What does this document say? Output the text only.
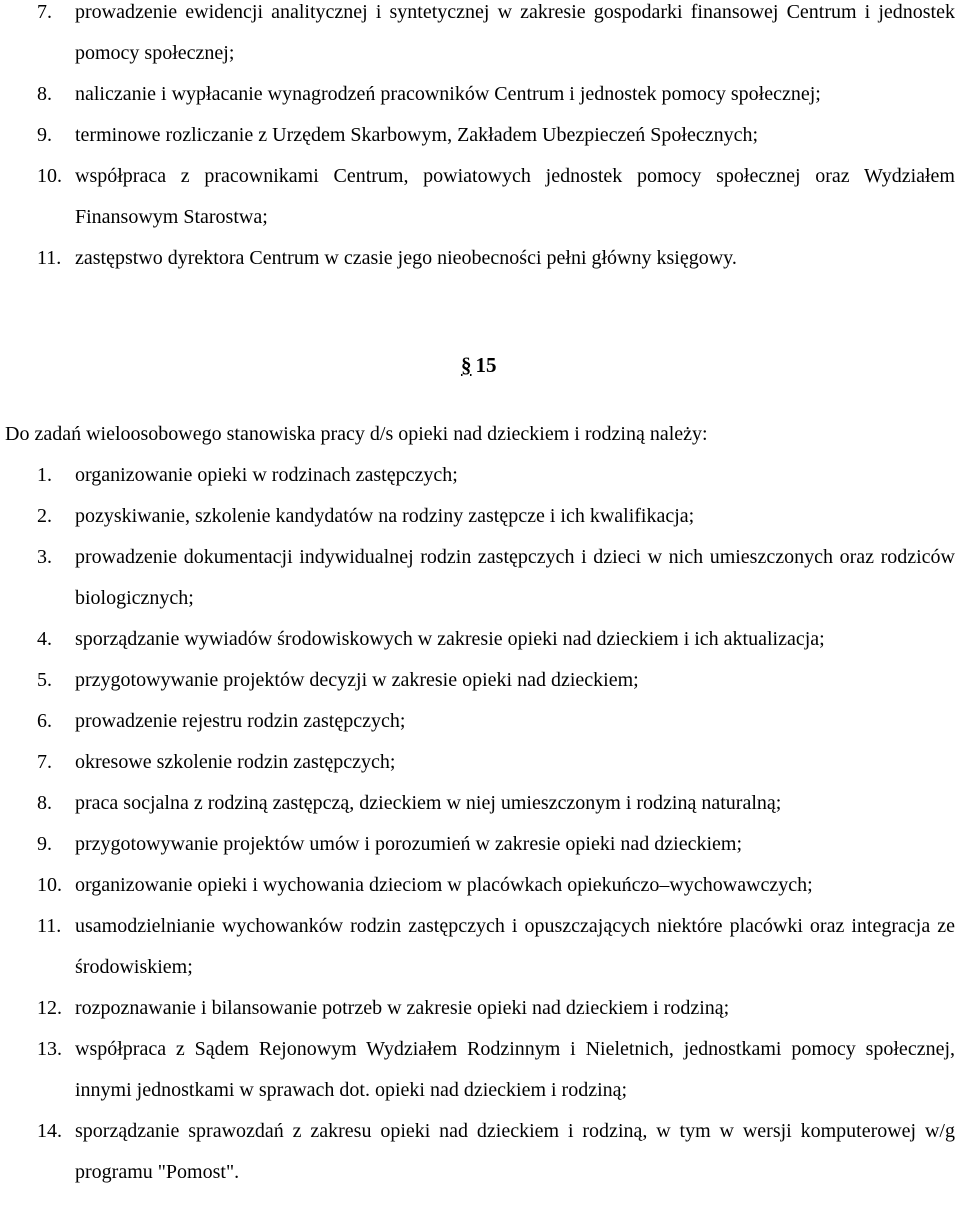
7. prowadzenie ewidencji analitycznej i syntetycznej w zakresie gospodarki finansowej Centrum i jednostek pomocy społecznej;
8. naliczanie i wypłacanie wynagrodzeń pracowników Centrum i jednostek pomocy społecznej;
9. terminowe rozliczanie z Urzędem Skarbowym, Zakładem Ubezpieczeń Społecznych;
10. współpraca z pracownikami Centrum, powiatowych jednostek pomocy społecznej oraz Wydziałem Finansowym Starostwa;
11. zastępstwo dyrektora Centrum w czasie jego nieobecności pełni główny księgowy.
§ 15
Do zadań wieloosobowego stanowiska pracy d/s opieki nad dzieckiem i rodziną należy:
1. organizowanie opieki w rodzinach zastępczych;
2. pozyskiwanie, szkolenie kandydatów na rodziny zastępcze i ich kwalifikacja;
3. prowadzenie dokumentacji indywidualnej rodzin zastępczych i dzieci w nich umieszczonych oraz rodziców biologicznych;
4. sporządzanie wywiadów środowiskowych w zakresie opieki nad dzieckiem i ich aktualizacja;
5. przygotowywanie projektów decyzji w zakresie opieki nad dzieckiem;
6. prowadzenie rejestru rodzin zastępczych;
7. okresowe szkolenie rodzin zastępczych;
8. praca socjalna z rodziną zastępczą, dzieckiem w niej umieszczonym i rodziną naturalną;
9. przygotowywanie projektów umów i porozumień w zakresie opieki nad dzieckiem;
10. organizowanie opieki i wychowania dzieciom w placówkach opiekuńczo–wychowawczych;
11. usamodzielnianie wychowanków rodzin zastępczych i opuszczających niektóre placówki oraz integracja ze środowiskiem;
12. rozpoznawanie i bilansowanie potrzeb w zakresie opieki nad dzieckiem i rodziną;
13. współpraca z Sądem Rejonowym Wydziałem Rodzinnym i Nieletnich, jednostkami pomocy społecznej, innymi jednostkami w sprawach dot. opieki nad dzieckiem i rodziną;
14. sporządzanie sprawozdań z zakresu opieki nad dzieckiem i rodziną, w tym w wersji komputerowej w/g programu "Pomost".
